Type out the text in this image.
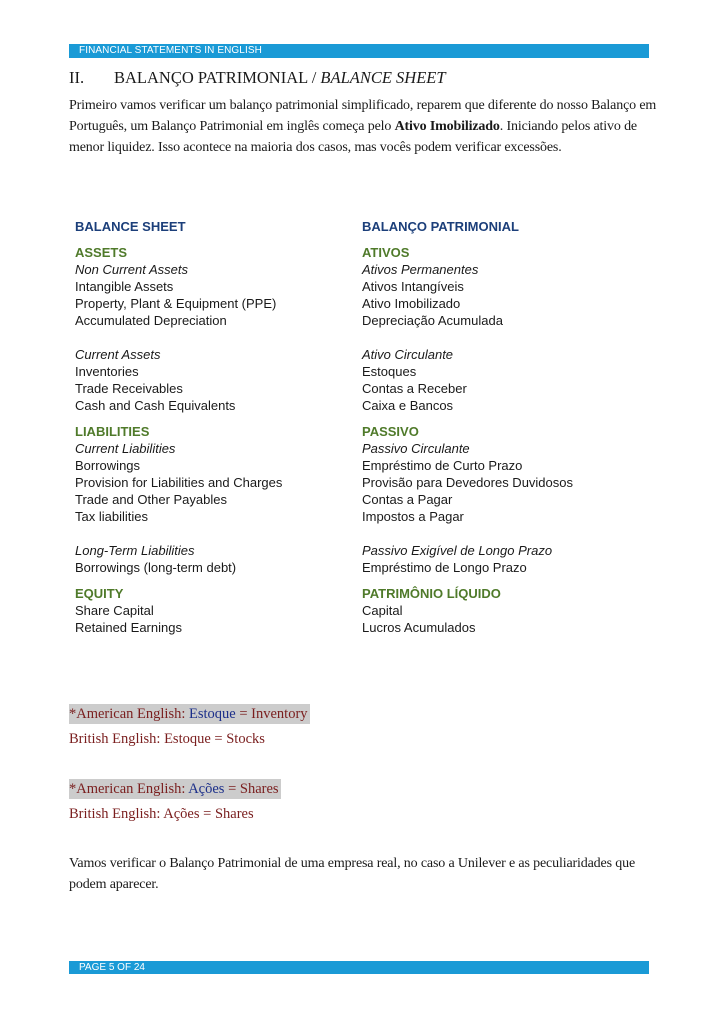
FINANCIAL STATEMENTS IN ENGLISH
II. BALANÇO PATRIMONIAL / BALANCE SHEET
Primeiro vamos verificar um balanço patrimonial simplificado, reparem que diferente do nosso Balanço em Português, um Balanço Patrimonial em inglês começa pelo Ativo Imobilizado. Iniciando pelos ativo de menor liquidez. Isso acontece na maioria dos casos, mas vocês podem verificar excessões.
BALANCE SHEET	BALANÇO PATRIMONIAL
ASSETS	ATIVOS
Non Current Assets	Ativos Permanentes
Intangible Assets	Ativos Intangíveis
Property, Plant & Equipment (PPE)	Ativo Imobilizado
Accumulated Depreciation	Depreciação Acumulada
Current Assets	Ativo Circulante
Inventories	Estoques
Trade Receivables	Contas a Receber
Cash and Cash Equivalents	Caixa e Bancos
LIABILITIES	PASSIVO
Current Liabilities	Passivo Circulante
Borrowings	Empréstimo de Curto Prazo
Provision for Liabilities and Charges	Provisão para Devedores Duvidosos
Trade and Other Payables	Contas a Pagar
Tax liabilities	Impostos a Pagar
Long-Term Liabilities	Passivo Exigível de Longo Prazo
Borrowings (long-term debt)	Empréstimo de Longo Prazo
EQUITY	PATRIMÔNIO LÍQUIDO
Share Capital	Capital
Retained Earnings	Lucros Acumulados
*American English: Estoque = Inventory
British English: Estoque = Stocks
*American English: Ações = Shares
British English: Ações = Shares
Vamos verificar o Balanço Patrimonial de uma empresa real, no caso a Unilever e as peculiaridades que podem aparecer.
PAGE 5 OF 24
